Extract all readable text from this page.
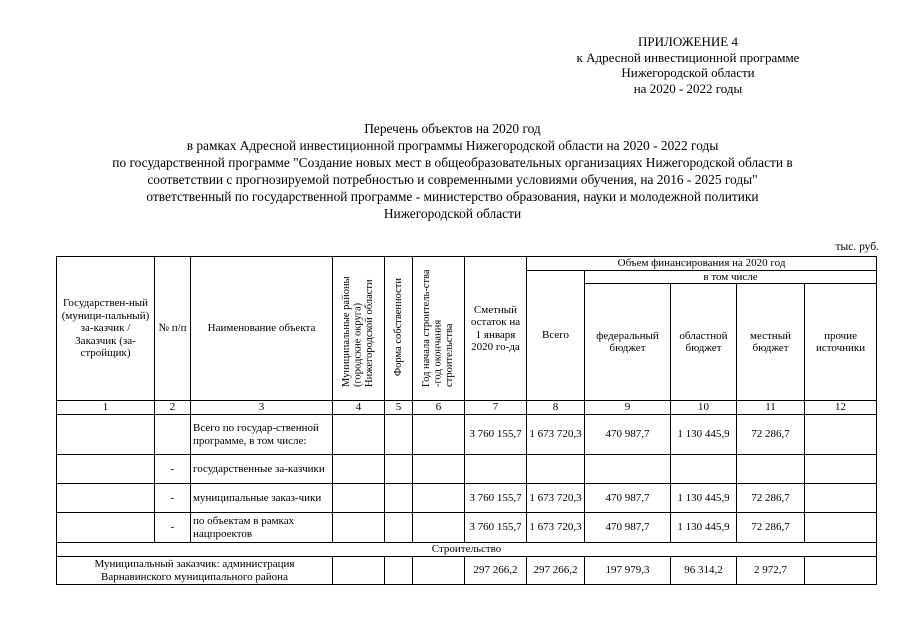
ПРИЛОЖЕНИЕ 4
к Адресной инвестиционной программе
Нижегородской области
на 2020 - 2022 годы
Перечень объектов на 2020 год
в рамках Адресной инвестиционной программы Нижегородской области на 2020 - 2022 годы
по государственной программе "Создание новых мест в общеобразовательных организациях Нижегородской области в
соответствии с прогнозируемой потребностью и современными условиями обучения, на 2016 - 2025 годы"
ответственный по государственной программе - министерство образования, науки и молодежной политики
Нижегородской области
тыс. руб.
Государствен-ный (муници-пальный) за-казчик / Заказчик (за-стройщик)	№ п/п	Наименование объекта	Муниципальные районы (городские округа) Нижегородской области	Форма собственности	Год начала строитель-ства -год окончания строительства	Сметный остаток на 1 января 2020 го-да	Объем финансирования на 2020 год				
							Всего	в том числе			
								федеральный бюджет	областной бюджет	местный бюджет	прочие источники
1	2	3	4	5	6	7	8	9	10	11	12
		Всего по государ-ственной программе, в том числе:				3 760 155,7	1 673 720,3	470 987,7	1 130 445,9	72 286,7	
	-	государственные за-казчики									
	-	муниципальные заказ-чики				3 760 155,7	1 673 720,3	470 987,7	1 130 445,9	72 286,7	
	-	по объектам в рамках нацпроектов				3 760 155,7	1 673 720,3	470 987,7	1 130 445,9	72 286,7	
Строительство											
Муниципальный заказчик: администрация Варнавинского муниципального района						297 266,2	297 266,2	197 979,3	96 314,2	2 972,7	
